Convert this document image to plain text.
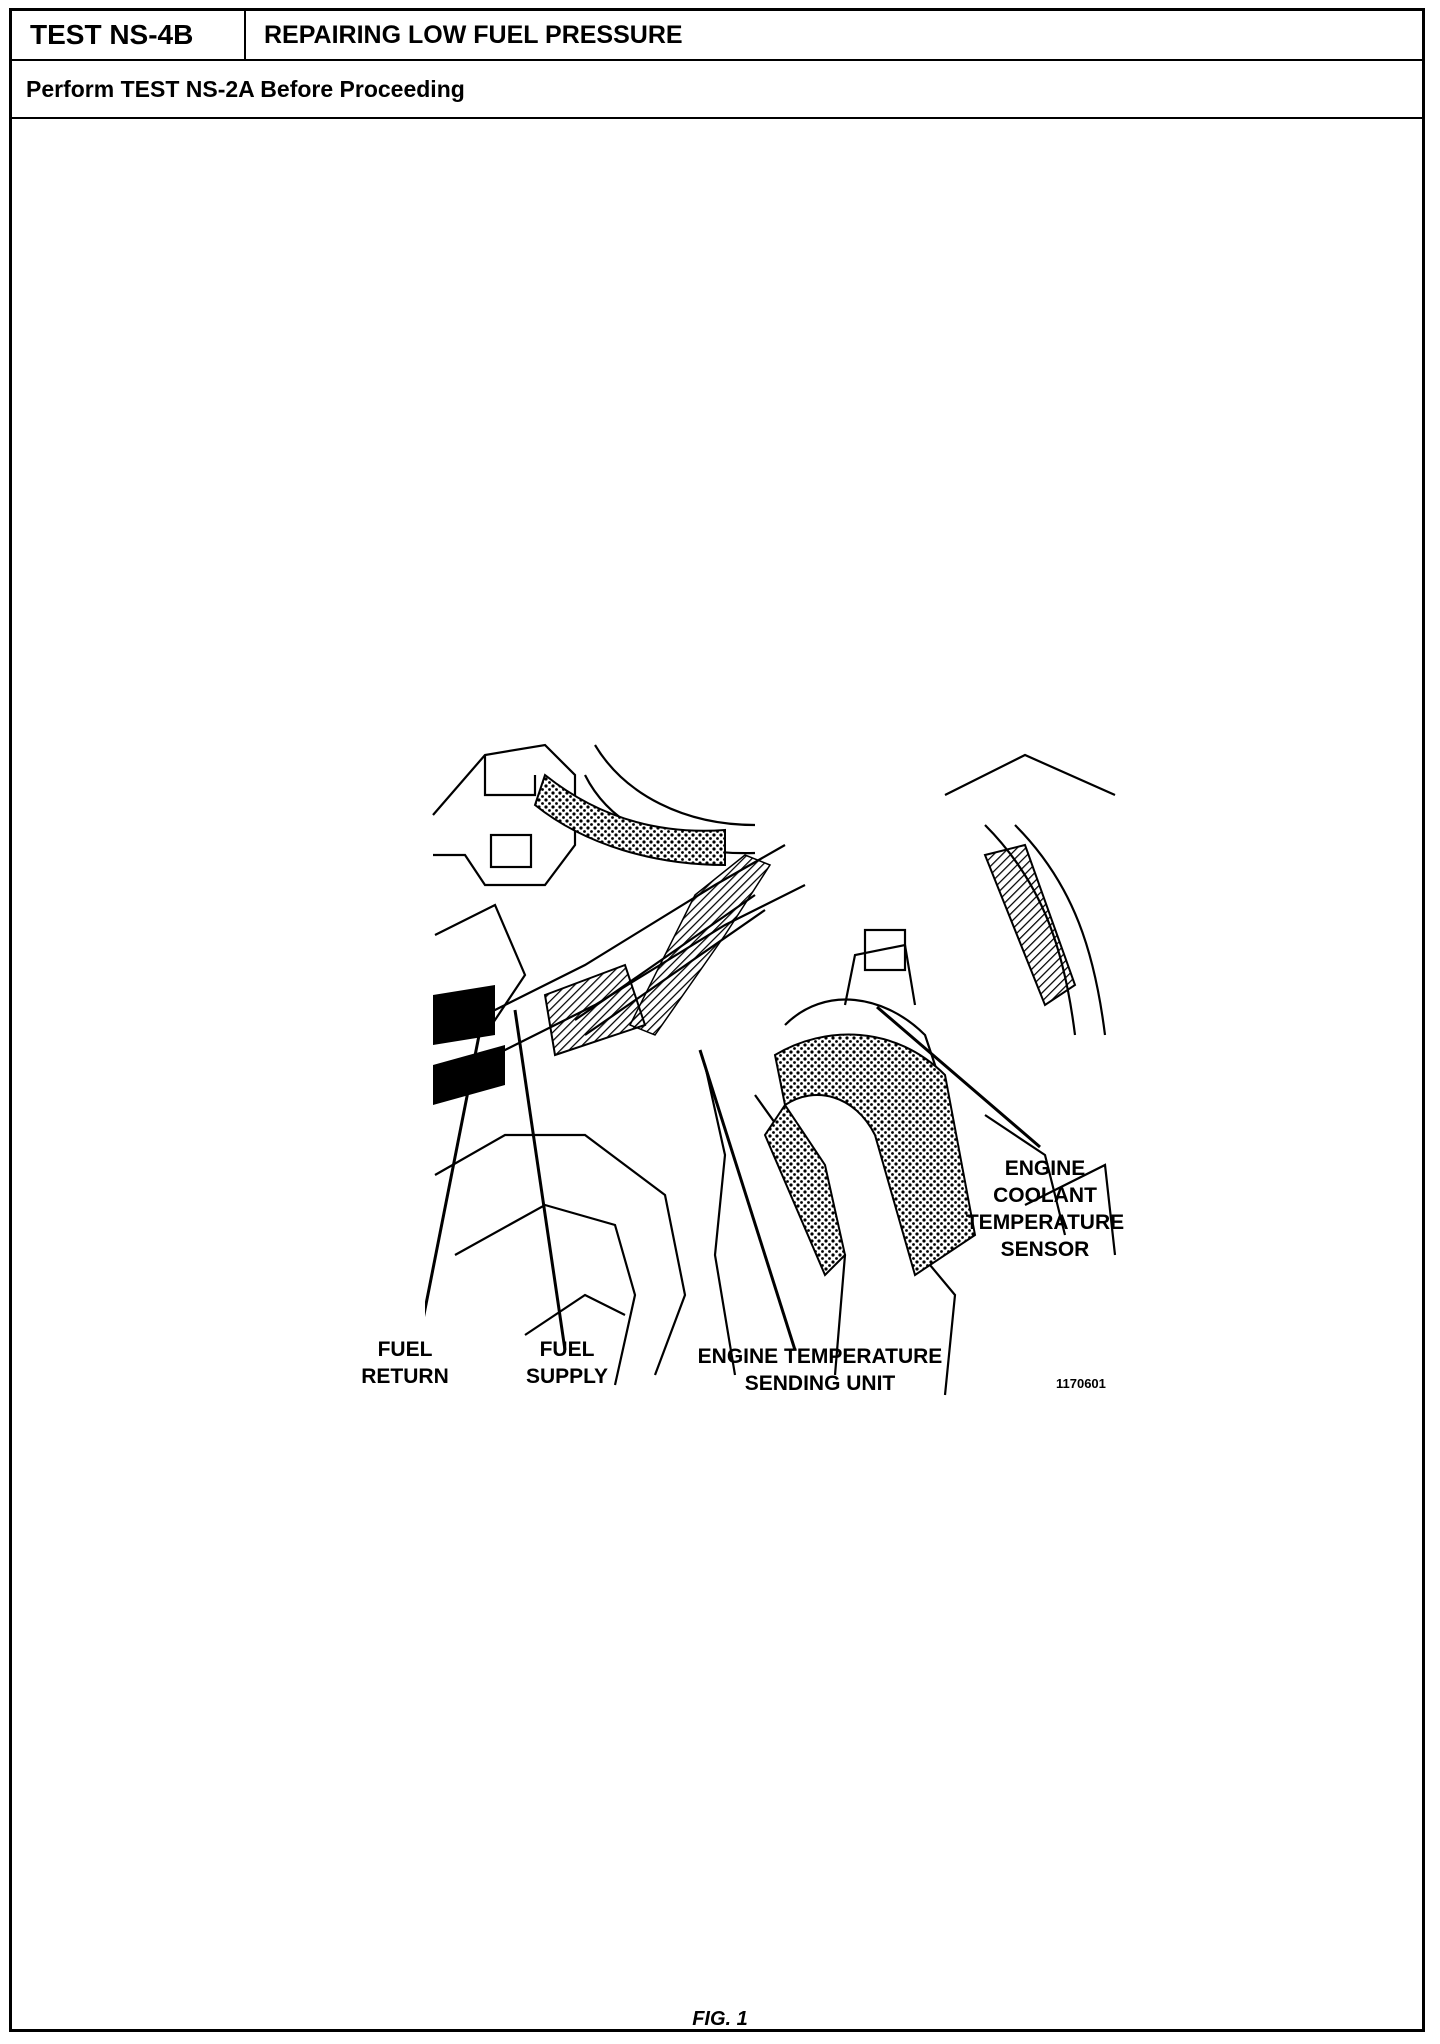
TEST NS-4B	REPAIRING LOW FUEL PRESSURE
Perform TEST NS-2A Before Proceeding
ENGINE
COOLANT
TEMPERATURE
SENSOR
FUEL
RETURN
FUEL
SUPPLY
ENGINE TEMPERATURE
SENDING UNIT	1170601
FIG. 1
